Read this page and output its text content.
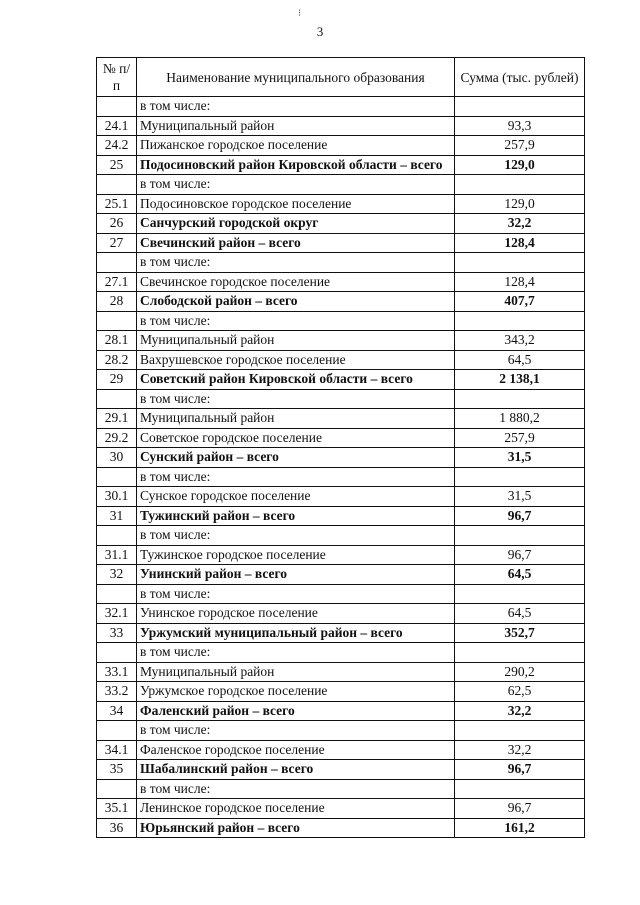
⁝
3
№ п/п	Наименование муниципального образования	Сумма (тыс. рублей)
	в том числе:	
24.1	Муниципальный район	93,3
24.2	Пижанское городское поселение	257,9
25	Подосиновский район Кировской области – всего	129,0
	в том числе:	
25.1	Подосиновское городское поселение	129,0
26	Санчурский городской округ	32,2
27	Свечинский район – всего	128,4
	в том числе:	
27.1	Свечинское городское поселение	128,4
28	Слободской район – всего	407,7
	в том числе:	
28.1	Муниципальный район	343,2
28.2	Вахрушевское городское поселение	64,5
29	Советский район Кировской области – всего	2 138,1
	в том числе:	
29.1	Муниципальный район	1 880,2
29.2	Советское городское поселение	257,9
30	Сунский район – всего	31,5
	в том числе:	
30.1	Сунское городское поселение	31,5
31	Тужинский район – всего	96,7
	в том числе:	
31.1	Тужинское городское поселение	96,7
32	Унинский район – всего	64,5
	в том числе:	
32.1	Унинское городское поселение	64,5
33	Уржумский муниципальный район – всего	352,7
	в том числе:	
33.1	Муниципальный район	290,2
33.2	Уржумское городское поселение	62,5
34	Фаленский район – всего	32,2
	в том числе:	
34.1	Фаленское городское поселение	32,2
35	Шабалинский район – всего	96,7
	в том числе:	
35.1	Ленинское городское поселение	96,7
36	Юрьянский район – всего	161,2
